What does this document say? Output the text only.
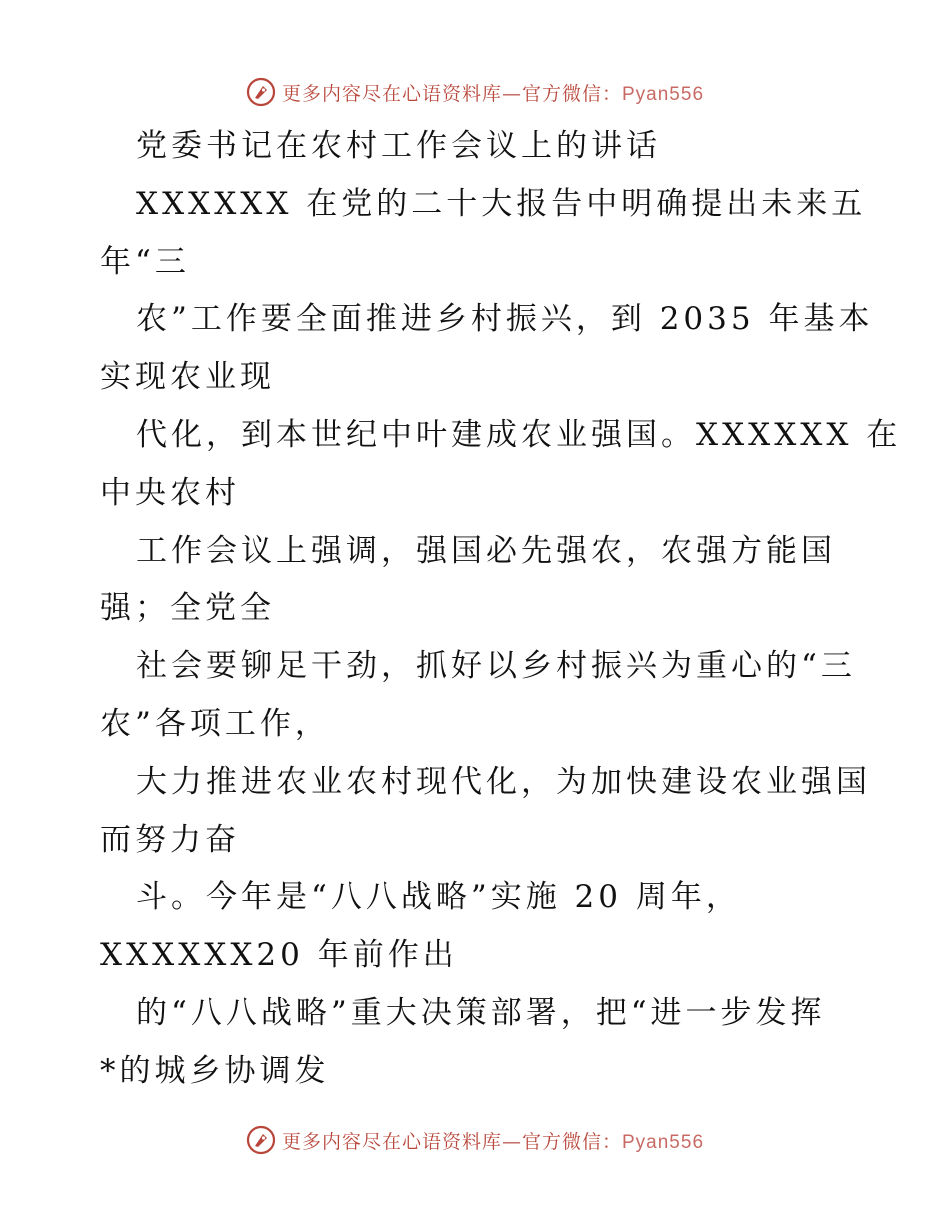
更多内容尽在心语资料库—官方微信：Pyan556
党委书记在农村工作会议上的讲话
XXXXXX 在党的二十大报告中明确提出未来五
年“三
农”工作要全面推进乡村振兴，到 2035 年基本
实现农业现
代化，到本世纪中叶建成农业强国。XXXXXX 在
中央农村
工作会议上强调，强国必先强农，农强方能国
强；全党全
社会要铆足干劲，抓好以乡村振兴为重心的“三
农”各项工作，
大力推进农业农村现代化，为加快建设农业强国
而努力奋
斗。今年是“八八战略”实施 20 周年，
XXXXXX20 年前作出
的“八八战略”重大决策部署，把“进一步发挥
*的城乡协调发
更多内容尽在心语资料库—官方微信：Pyan556
